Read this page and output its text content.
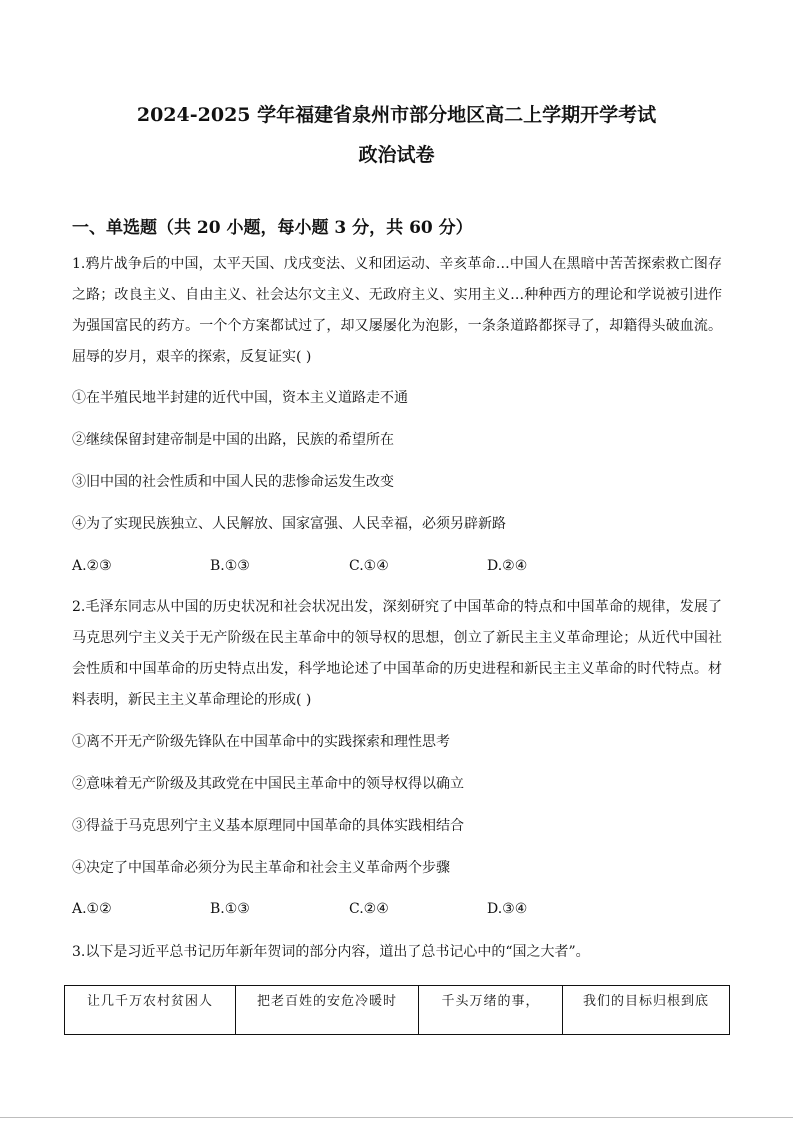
2024-2025 学年福建省泉州市部分地区高二上学期开学考试
政治试卷
一、单选题（共 20 小题，每小题 3 分，共 60 分）
1.鸦片战争后的中国，太平天国、戊戌变法、义和团运动、辛亥革命…中国人在黑暗中苦苦探索救亡图存之路；改良主义、自由主义、社会达尔文主义、无政府主义、实用主义…种种西方的理论和学说被引进作为强国富民的药方。一个个方案都试过了，却又屡屡化为泡影，一条条道路都探寻了，却籍得头破血流。屈辱的岁月，艰辛的探索，反复证实( )
①在半殖民地半封建的近代中国，资本主义道路走不通
②继续保留封建帝制是中国的出路，民族的希望所在
③旧中国的社会性质和中国人民的悲惨命运发生改变
④为了实现民族独立、人民解放、国家富强、人民幸福，必须另辟新路
A.②③	B.①③	C.①④	D.②④
2.毛泽东同志从中国的历史状况和社会状况出发，深刻研究了中国革命的特点和中国革命的规律，发展了马克思列宁主义关于无产阶级在民主革命中的领导权的思想，创立了新民主主义革命理论；从近代中国社会性质和中国革命的历史特点出发，科学地论述了中国革命的历史进程和新民主主义革命的时代特点。材料表明，新民主主义革命理论的形成( )
①离不开无产阶级先锋队在中国革命中的实践探索和理性思考
②意味着无产阶级及其政党在中国民主革命中的领导权得以确立
③得益于马克思列宁主义基本原理同中国革命的具体实践相结合
④决定了中国革命必须分为民主革命和社会主义革命两个步骤
A.①②	B.①③	C.②④	D.③④
3.以下是习近平总书记历年新年贺词的部分内容，道出了总书记心中的“国之大者”。
让几千万农村贫困人	把老百姓的安危冷暖时	千头万绪的事，	我们的目标归根到底
